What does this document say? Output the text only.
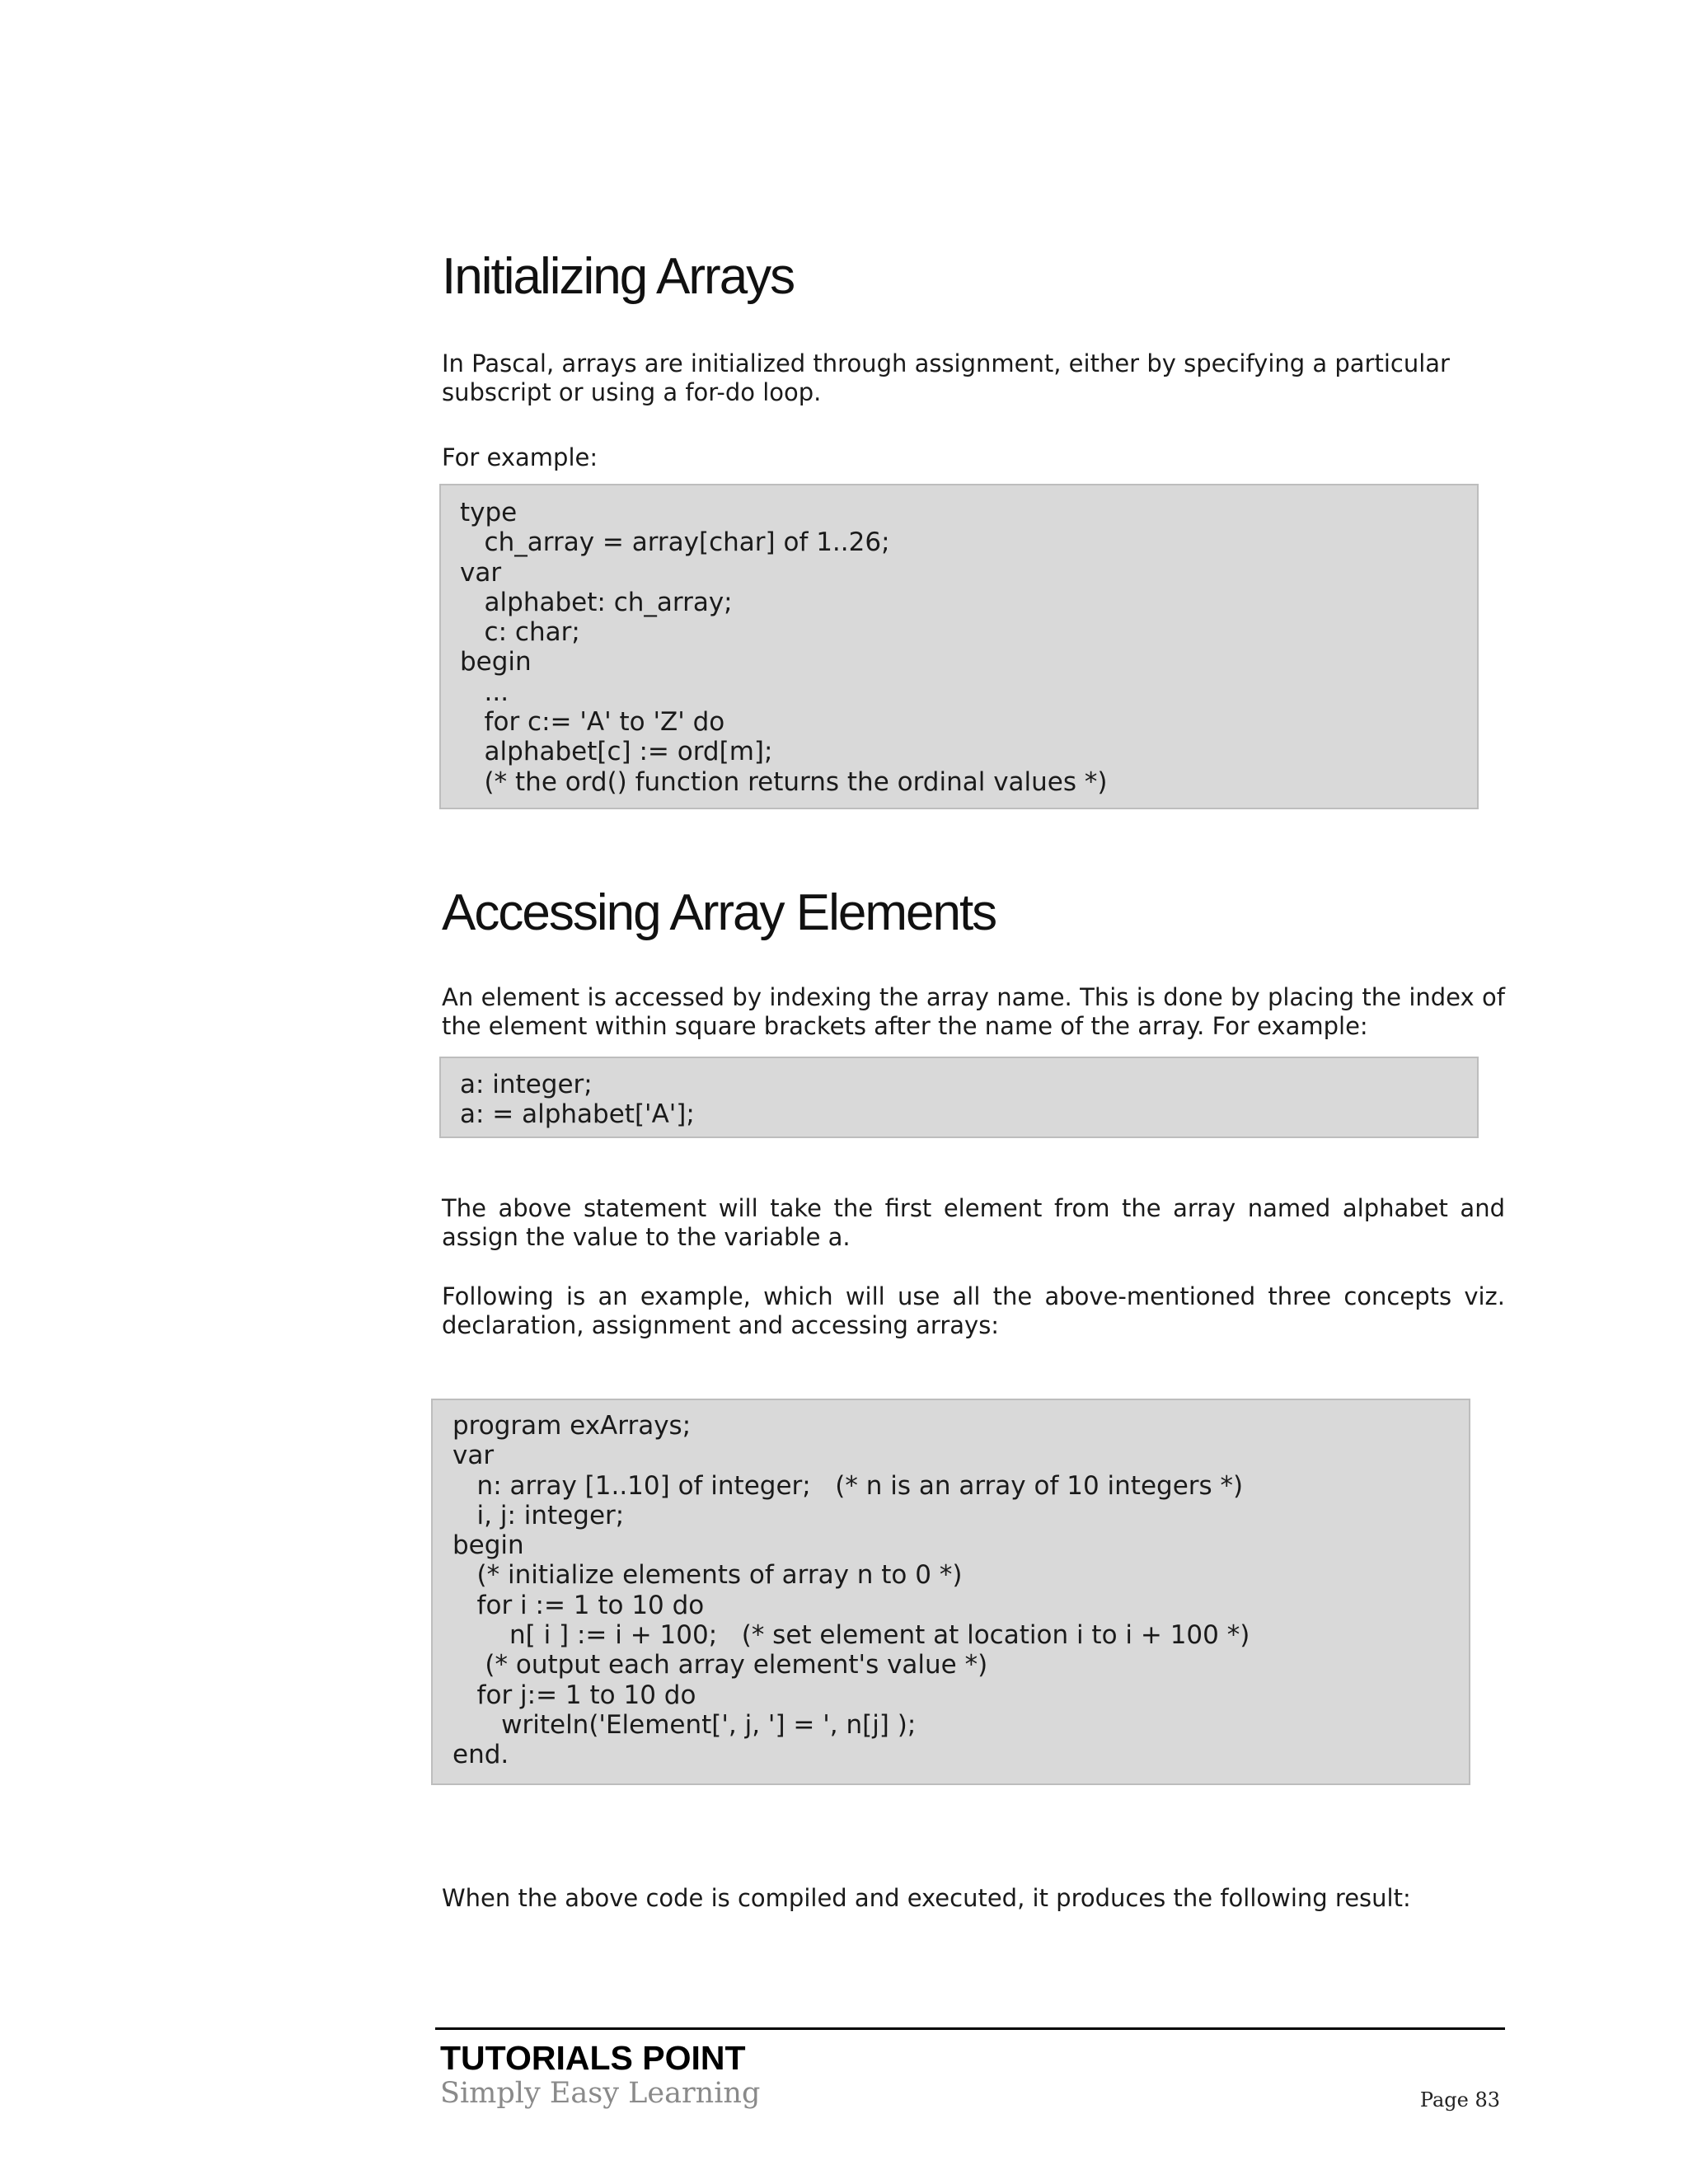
Initializing Arrays

In Pascal, arrays are initialized through assignment, either by specifying a particular subscript or using a for-do loop.

For example:

type
ch_array = array[char] of 1..26;
var
alphabet: ch_array;
c: char;
begin
...
for c:= 'A' to 'Z' do
alphabet[c] := ord[m];
(* the ord() function returns the ordinal values *)
Accessing Array Elements

An element is accessed by indexing the array name. This is done by placing the index of the element within square brackets after the name of the array. For example:

a: integer;
a: = alphabet['A'];

The above statement will take the first element from the array named alphabet and assign the value to the variable a.

Following is an example, which will use all the above-mentioned three concepts viz. declaration, assignment and accessing arrays:

program exArrays;
var
n: array [1..10] of integer;   (* n is an array of 10 integers *)
i, j: integer;
begin
(* initialize elements of array n to 0 *)
for i := 1 to 10 do
n[ i ] := i + 100;   (* set element at location i to i + 100 *)
(* output each array element's value *)
for j:= 1 to 10 do
writeln('Element[', j, '] = ', n[j] );
end.

When the above code is compiled and executed, it produces the following result:

TUTORIALS POINT

Simply Easy Learning	Page 83
